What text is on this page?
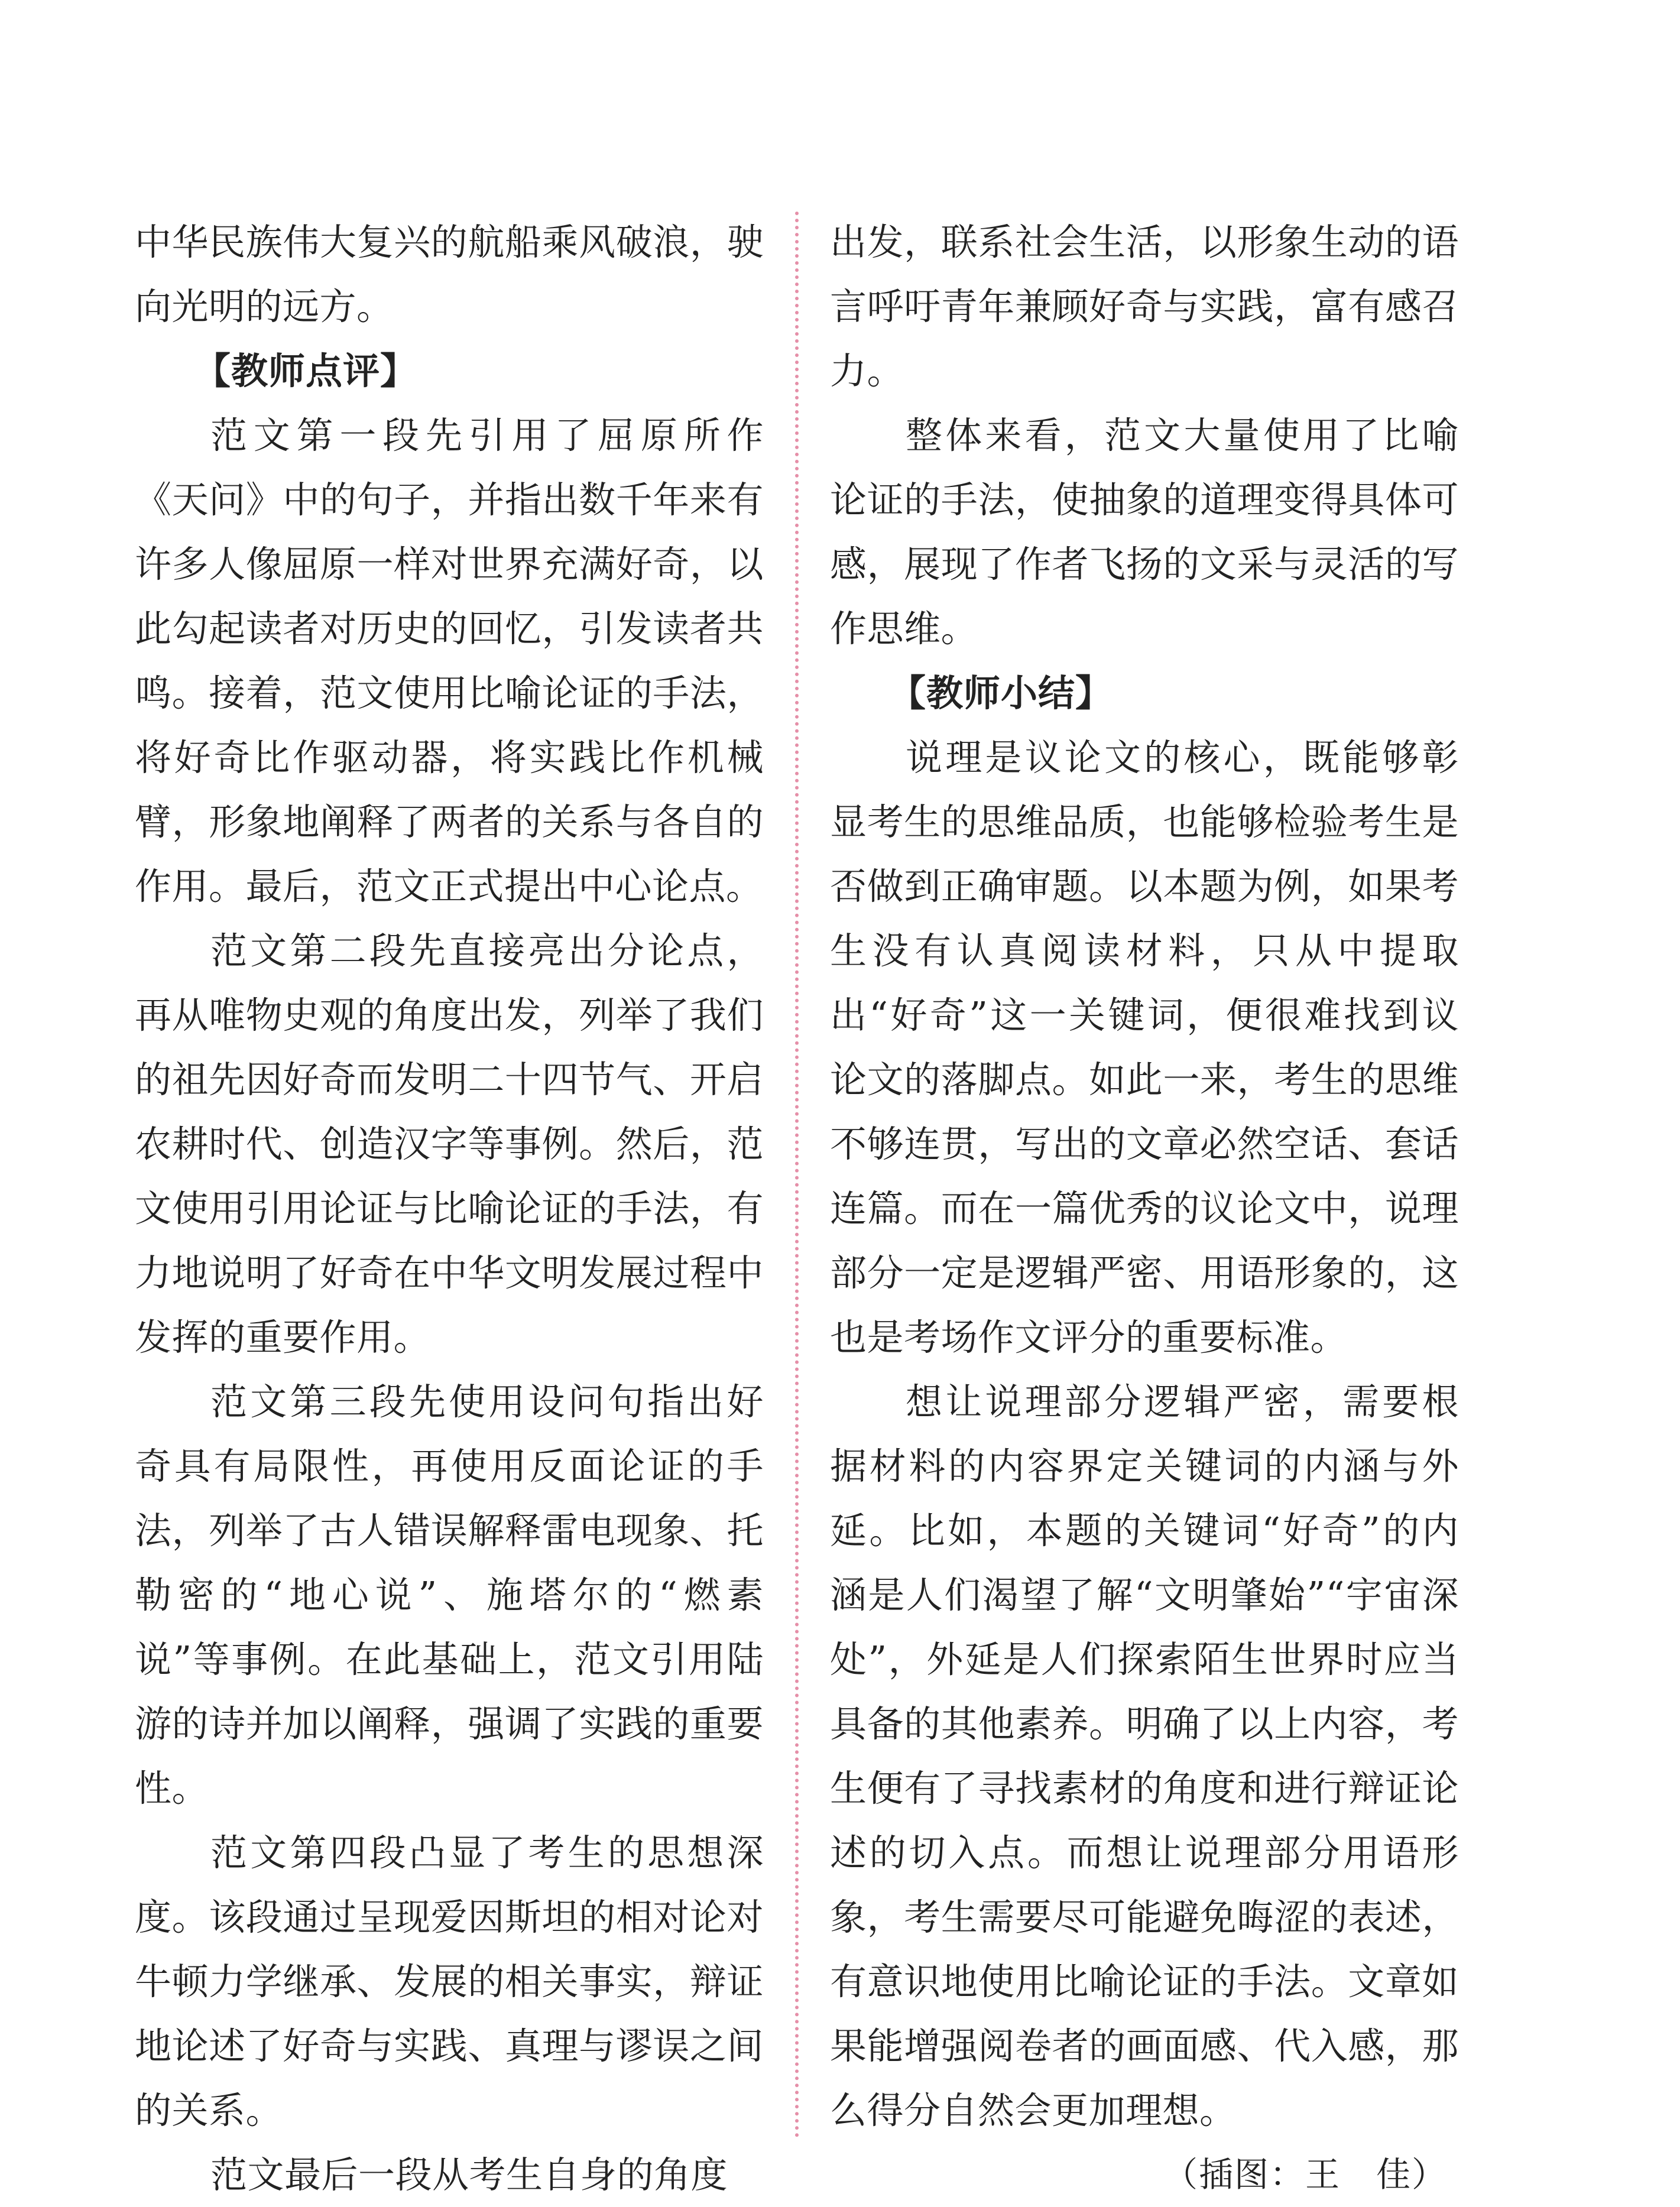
中华民族伟大复兴的航船乘风破浪，驶向光明的远方。

【教师点评】

范文第一段先引用了屈原所作《天问》中的句子，并指出数千年来有许多人像屈原一样对世界充满好奇，以此勾起读者对历史的回忆，引发读者共鸣。接着，范文使用比喻论证的手法，将好奇比作驱动器，将实践比作机械臂，形象地阐释了两者的关系与各自的作用。最后，范文正式提出中心论点。

范文第二段先直接亮出分论点，再从唯物史观的角度出发，列举了我们的祖先因好奇而发明二十四节气、开启农耕时代、创造汉字等事例。然后，范文使用引用论证与比喻论证的手法，有力地说明了好奇在中华文明发展过程中发挥的重要作用。

范文第三段先使用设问句指出好奇具有局限性，再使用反面论证的手法，列举了古人错误解释雷电现象、托勒密的“地心说”、施塔尔的“燃素说”等事例。在此基础上，范文引用陆游的诗并加以阐释，强调了实践的重要性。

范文第四段凸显了考生的思想深度。该段通过呈现爱因斯坦的相对论对牛顿力学继承、发展的相关事实，辩证地论述了好奇与实践、真理与谬误之间的关系。

范文最后一段从考生自身的角度

出发，联系社会生活，以形象生动的语言呼吁青年兼顾好奇与实践，富有感召力。

整体来看，范文大量使用了比喻论证的手法，使抽象的道理变得具体可感，展现了作者飞扬的文采与灵活的写作思维。

【教师小结】

说理是议论文的核心，既能够彰显考生的思维品质，也能够检验考生是否做到正确审题。以本题为例，如果考生没有认真阅读材料，只从中提取出“好奇”这一关键词，便很难找到议论文的落脚点。如此一来，考生的思维不够连贯，写出的文章必然空话、套话连篇。而在一篇优秀的议论文中，说理部分一定是逻辑严密、用语形象的，这也是考场作文评分的重要标准。

想让说理部分逻辑严密，需要根据材料的内容界定关键词的内涵与外延。比如，本题的关键词“好奇”的内涵是人们渴望了解“文明肇始”“宇宙深处”，外延是人们探索陌生世界时应当具备的其他素养。明确了以上内容，考生便有了寻找素材的角度和进行辩证论述的切入点。而想让说理部分用语形象，考生需要尽可能避免晦涩的表述，有意识地使用比喻论证的手法。文章如果能增强阅卷者的画面感、代入感，那么得分自然会更加理想。

（插图：王　佳）
